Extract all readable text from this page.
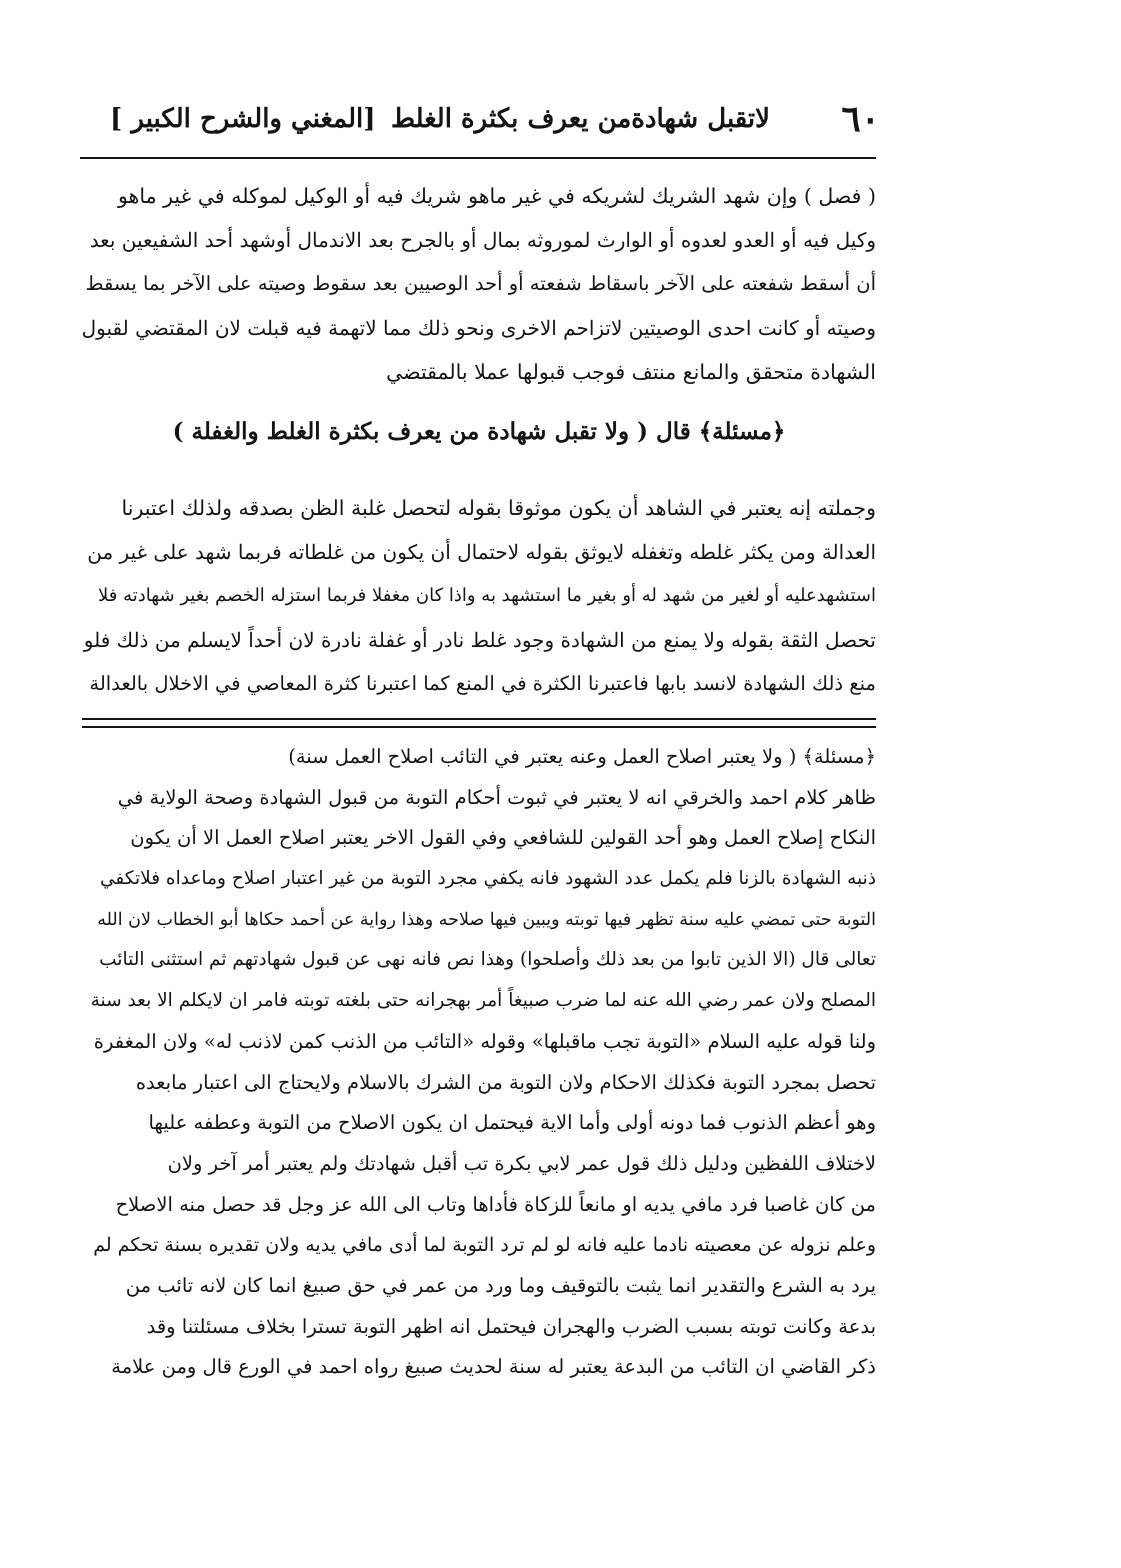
٦٠
لاتقبل شهادةمن يعرف بكثرة الغلط
[المغني والشرح الكبير ]
( فصل ) وإن شهد الشريك لشريكه في غير ماهو شريك فيه أو الوكيل لموكله في غير ماهو
وكيل فيه أو العدو لعدوه أو الوارث لموروثه بمال أو بالجرح بعد الاندمال أوشهد أحد الشفيعين بعد
أن أسقط شفعته على الآخر باسقاط شفعته أو أحد الوصيين بعد سقوط وصيته على الآخر بما يسقط
وصيته أو كانت احدى الوصيتين لاتزاحم الاخرى ونحو ذلك مما لاتهمة فيه قبلت لان المقتضي لقبول
الشهادة متحقق والمانع منتف فوجب قبولها عملا بالمقتضي
﴿مسئلة﴾ قال ( ولا تقبل شهادة من يعرف بكثرة الغلط والغفلة )
وجملته إنه يعتبر في الشاهد أن يكون موثوقا بقوله لتحصل غلبة الظن بصدقه ولذلك اعتبرنا
العدالة ومن يكثر غلطه وتغفله لايوثق بقوله لاحتمال أن يكون من غلطاته فربما شهد على غير من
استشهدعليه أو لغير من شهد له أو بغير ما استشهد به واذا كان مغفلا فربما استزله الخصم بغير شهادته فلا
تحصل الثقة بقوله ولا يمنع من الشهادة وجود غلط نادر أو غفلة نادرة لان أحداً لايسلم من ذلك فلو
منع ذلك الشهادة لانسد بابها فاعتبرنا الكثرة في المنع كما اعتبرنا كثرة المعاصي في الاخلال بالعدالة
﴿مسئلة﴾ ( ولا يعتبر اصلاح العمل وعنه يعتبر في التائب اصلاح العمل سنة)
ظاهر كلام احمد والخرقي انه لا يعتبر في ثبوت أحكام التوبة من قبول الشهادة وصحة الولاية في
النكاح إصلاح العمل وهو أحد القولين للشافعي وفي القول الاخر يعتبر اصلاح العمل الا أن يكون
ذنبه الشهادة بالزنا فلم يكمل عدد الشهود فانه يكفي مجرد التوبة من غير اعتبار اصلاح وماعداه فلاتكفي
التوبة حتى تمضي عليه سنة تظهر فيها توبته ويبين فيها صلاحه وهذا رواية عن أحمد حكاها أبو الخطاب لان الله
تعالى قال (الا الذين تابوا من بعد ذلك وأصلحوا) وهذا نص فانه نهى عن قبول شهادتهم ثم استثنى التائب
المصلح ولان عمر رضي الله عنه لما ضرب صبيغاً أمر بهجرانه حتى بلغته توبته فامر ان لايكلم الا بعد سنة
ولنا قوله عليه السلام «التوبة تجب ماقبلها» وقوله «التائب من الذنب كمن لاذنب له» ولان المغفرة
تحصل بمجرد التوبة فكذلك الاحكام ولان التوبة من الشرك بالاسلام ولايحتاج الى اعتبار مابعده
وهو أعظم الذنوب فما دونه أولى وأما الاية فيحتمل ان يكون الاصلاح من التوبة وعطفه عليها
لاختلاف اللفظين ودليل ذلك قول عمر لابي بكرة تب أقبل شهادتك ولم يعتبر أمر آخر ولان
من كان غاصبا فرد مافي يديه او مانعاً للزكاة فأداها وتاب الى الله عز وجل قد حصل منه الاصلاح
وعلم نزوله عن معصيته نادما عليه فانه لو لم ترد التوبة لما أدى مافي يديه ولان تقديره بسنة تحكم لم
يرد به الشرع والتقدير انما يثبت بالتوقيف وما ورد من عمر في حق صبيغ انما كان لانه تائب من
بدعة وكانت توبته بسبب الضرب والهجران فيحتمل انه اظهر التوبة تسترا بخلاف مسئلتنا وقد
ذكر القاضي ان التائب من البدعة يعتبر له سنة لحديث صبيغ رواه احمد في الورع قال ومن علامة
